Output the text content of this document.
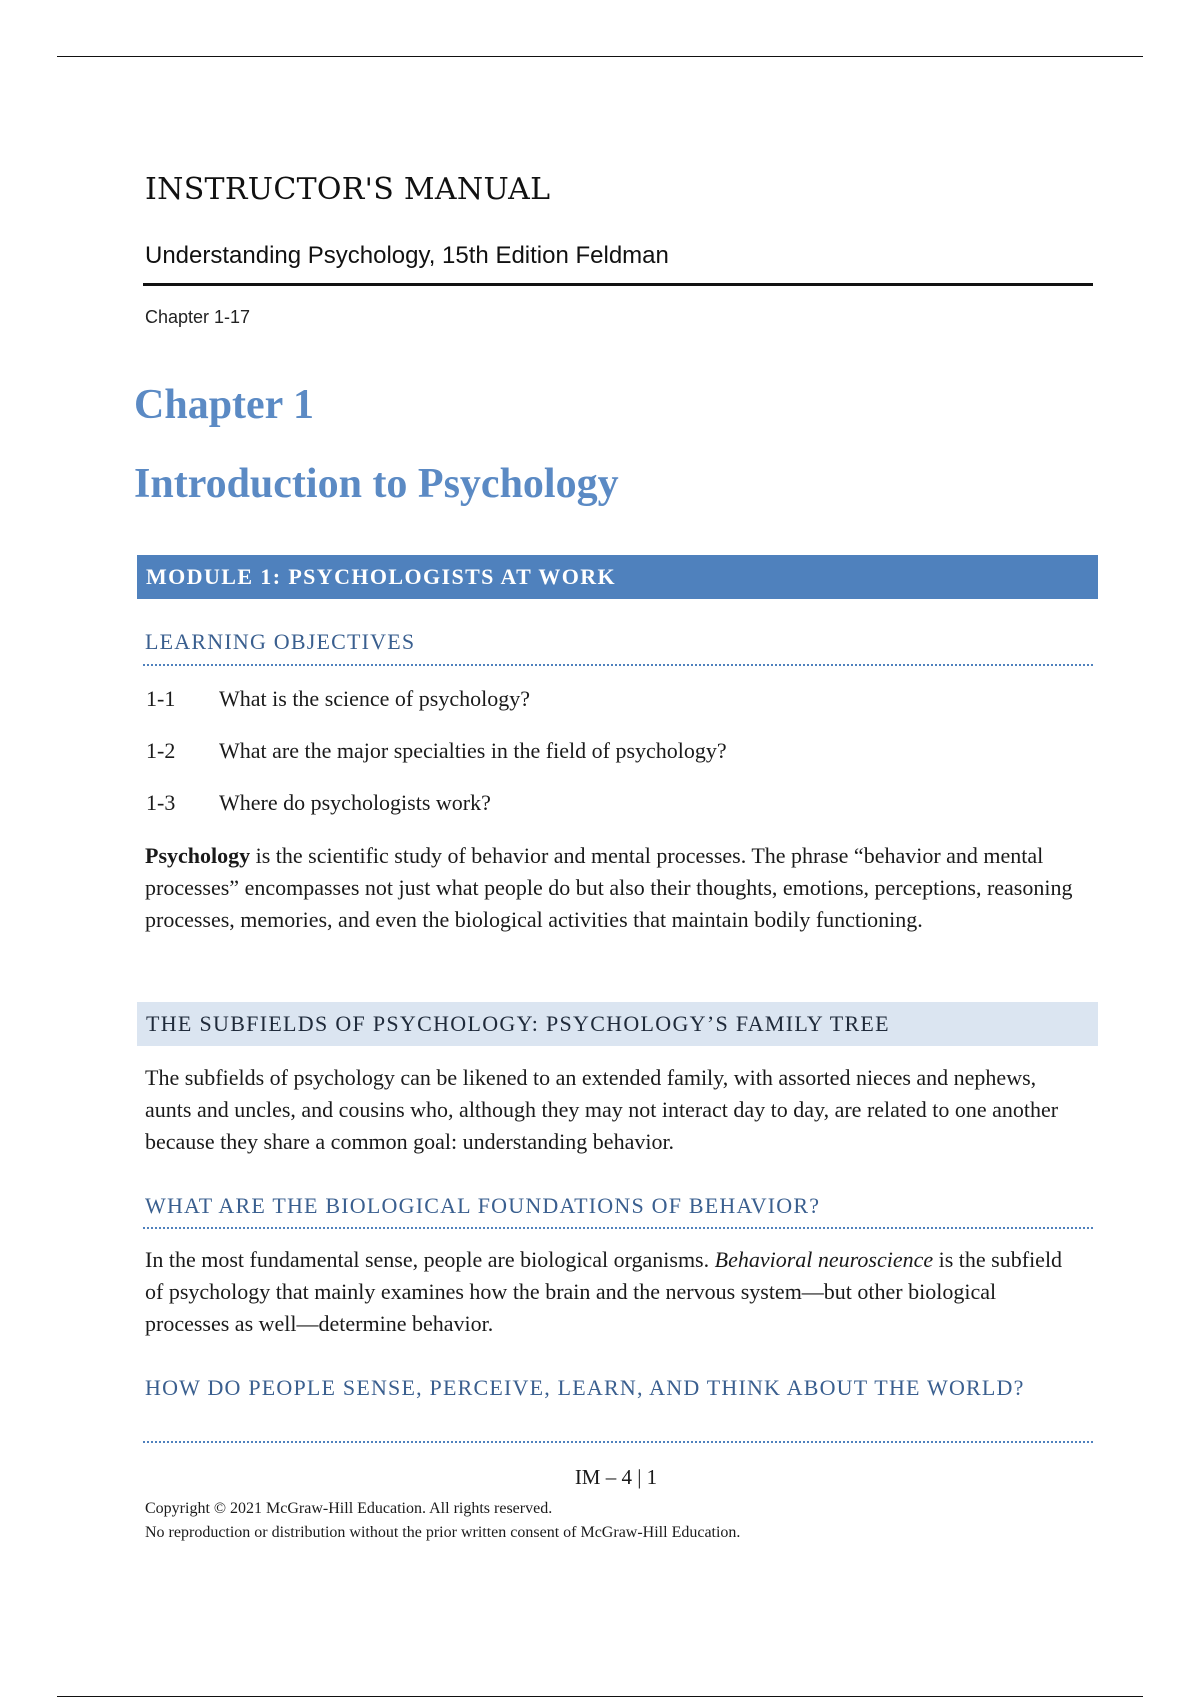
INSTRUCTOR'S MANUAL
Understanding Psychology, 15th Edition Feldman
Chapter 1-17
Chapter 1
Introduction to Psychology
MODULE 1: PSYCHOLOGISTS AT WORK
LEARNING OBJECTIVES
1-1 What is the science of psychology?
1-2 What are the major specialties in the field of psychology?
1-3 Where do psychologists work?
Psychology is the scientific study of behavior and mental processes. The phrase “behavior and mental processes” encompasses not just what people do but also their thoughts, emotions, perceptions, reasoning processes, memories, and even the biological activities that maintain bodily functioning.
THE SUBFIELDS OF PSYCHOLOGY: PSYCHOLOGY’S FAMILY TREE
The subfields of psychology can be likened to an extended family, with assorted nieces and nephews, aunts and uncles, and cousins who, although they may not interact day to day, are related to one another because they share a common goal: understanding behavior.
WHAT ARE THE BIOLOGICAL FOUNDATIONS OF BEHAVIOR?
In the most fundamental sense, people are biological organisms. Behavioral neuroscience is the subfield of psychology that mainly examines how the brain and the nervous system—but other biological processes as well—determine behavior.
HOW DO PEOPLE SENSE, PERCEIVE, LEARN, AND THINK ABOUT THE WORLD?
IM – 4 | 1
Copyright © 2021 McGraw-Hill Education. All rights reserved.
No reproduction or distribution without the prior written consent of McGraw-Hill Education.
